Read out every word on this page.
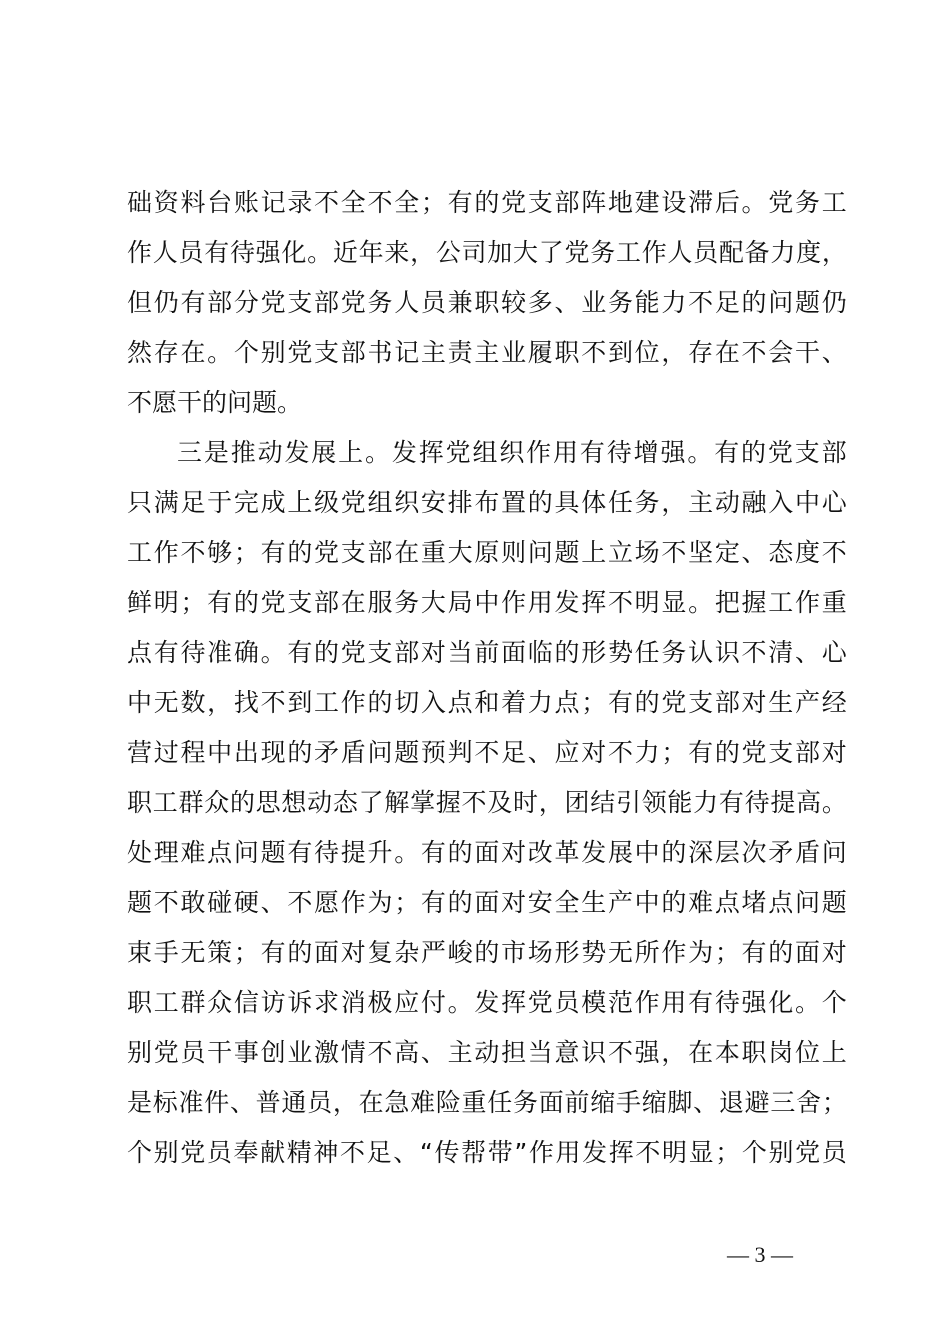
础 资 料 台 账 记 录 不 全 不 全 ； 有 的 党 支 部 阵 地 建 设 滞 后 。 党 务 工
作 人 员 有 待 强 化 。 近 年 来 ， 公 司 加 大 了 党 务 工 作 人 员 配 备 力 度 ，
但 仍 有 部 分 党 支 部 党 务 人 员 兼 职 较 多 、 业 务 能 力 不 足 的 问 题 仍
然 存 在 。 个 别 党 支 部 书 记 主 责 主 业 履 职 不 到 位 ， 存 在 不 会 干 、
不愿干的问题。
三 是 推 动 发 展 上 。 发 挥 党 组 织 作 用 有 待 增 强 。 有 的 党 支 部
只 满 足 于 完 成 上 级 党 组 织 安 排 布 置 的 具 体 任 务 ， 主 动 融 入 中 心
工 作 不 够 ； 有 的 党 支 部 在 重 大 原 则 问 题 上 立 场 不 坚 定 、 态 度 不
鲜 明 ； 有 的 党 支 部 在 服 务 大 局 中 作 用 发 挥 不 明 显 。 把 握 工 作 重
点 有 待 准 确 。 有 的 党 支 部 对 当 前 面 临 的 形 势 任 务 认 识 不 清 、 心
中 无 数 ， 找 不 到 工 作 的 切 入 点 和 着 力 点 ； 有 的 党 支 部 对 生 产 经
营 过 程 中 出 现 的 矛 盾 问 题 预 判 不 足 、 应 对 不 力 ； 有 的 党 支 部 对
职 工 群 众 的 思 想 动 态 了 解 掌 握 不 及 时 ， 团 结 引 领 能 力 有 待 提 高 。
处 理 难 点 问 题 有 待 提 升 。 有 的 面 对 改 革 发 展 中 的 深 层 次 矛 盾 问
题 不 敢 碰 硬 、 不 愿 作 为 ； 有 的 面 对 安 全 生 产 中 的 难 点 堵 点 问 题
束 手 无 策 ； 有 的 面 对 复 杂 严 峻 的 市 场 形 势 无 所 作 为 ； 有 的 面 对
职 工 群 众 信 访 诉 求 消 极 应 付 。 发 挥 党 员 模 范 作 用 有 待 强 化 。 个
别 党 员 干 事 创 业 激 情 不 高 、 主 动 担 当 意 识 不 强 ， 在 本 职 岗 位 上
是 标 准 件 、 普 通 员 ， 在 急 难 险 重 任 务 面 前 缩 手 缩 脚 、 退 避 三 舍 ；
个 别 党 员 奉 献 精 神 不 足 、 “ 传 帮 带 ” 作 用 发 挥 不 明 显 ； 个 别 党 员
— 3 —
